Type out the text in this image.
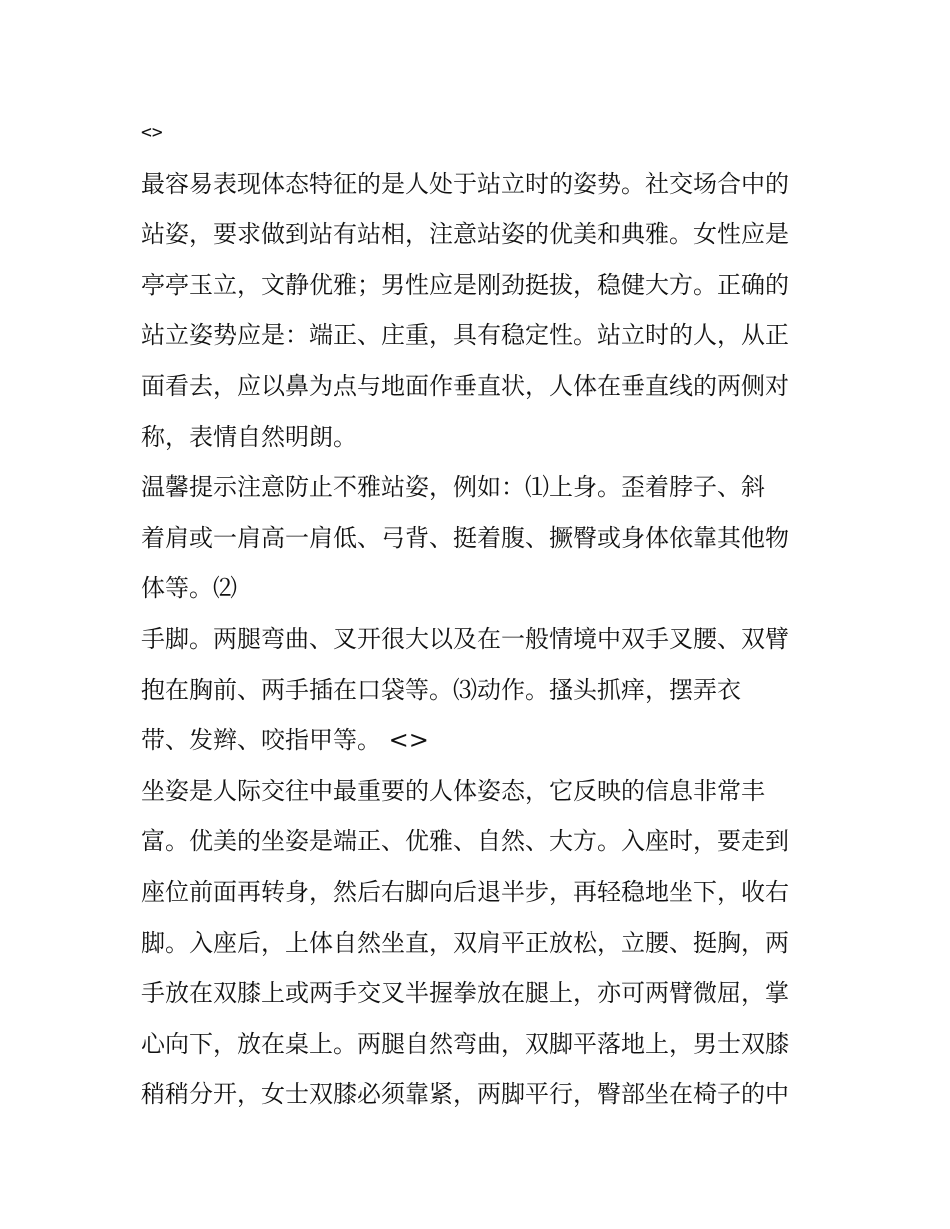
<>
最容易表现体态特征的是人处于站立时的姿势。社交场合中的
站姿，要求做到站有站相，注意站姿的优美和典雅。女性应是
亭亭玉立，文静优雅；男性应是刚劲挺拔，稳健大方。正确的
站立姿势应是：端正、庄重，具有稳定性。站立时的人，从正
面看去，应以鼻为点与地面作垂直状，人体在垂直线的两侧对
称，表情自然明朗。
温馨提示注意防止不雅站姿，例如：⑴上身。歪着脖子、斜
着肩或一肩高一肩低、弓背、挺着腹、撅臀或身体依靠其他物
体等。⑵
手脚。两腿弯曲、叉开很大以及在一般情境中双手叉腰、双臂
抱在胸前、两手插在口袋等。⑶动作。搔头抓痒，摆弄衣
带、发辫、咬指甲等。 <>
坐姿是人际交往中最重要的人体姿态，它反映的信息非常丰
富。优美的坐姿是端正、优雅、自然、大方。入座时，要走到
座位前面再转身，然后右脚向后退半步，再轻稳地坐下，收右
脚。入座后，上体自然坐直，双肩平正放松，立腰、挺胸，两
手放在双膝上或两手交叉半握拳放在腿上，亦可两臂微屈，掌
心向下，放在桌上。两腿自然弯曲，双脚平落地上，男士双膝
稍稍分开，女士双膝必须靠紧，两脚平行，臀部坐在椅子的中
